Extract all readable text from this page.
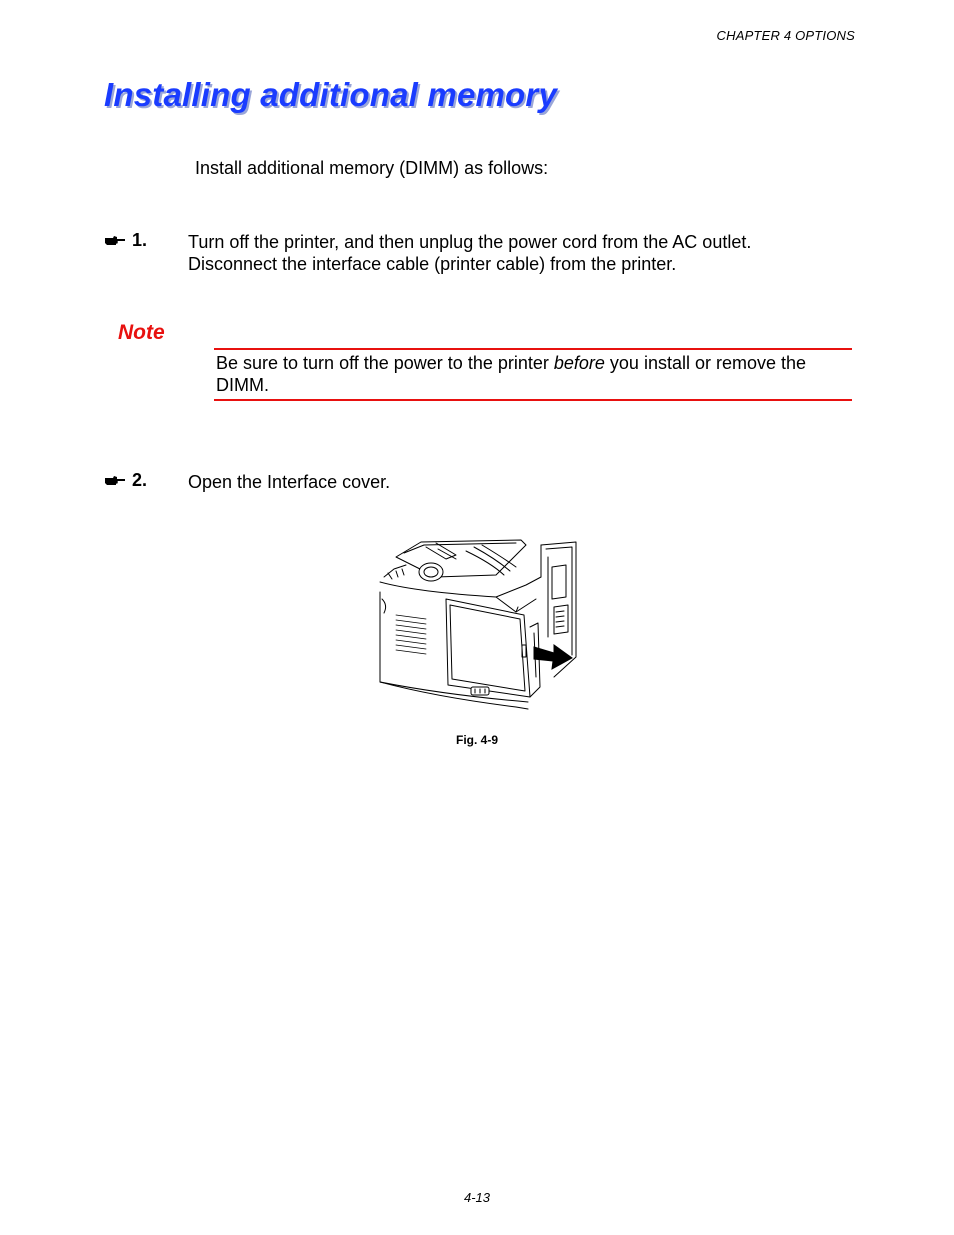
CHAPTER 4 OPTIONS
Installing additional memory
Install additional memory (DIMM) as follows:
1. Turn off the printer, and then unplug the power cord from the AC outlet.
Disconnect the interface cable (printer cable) from the printer.
Note
Be sure to turn off the power to the printer before you install or remove the DIMM.
2. Open the Interface cover.
Fig. 4-9
4-13
